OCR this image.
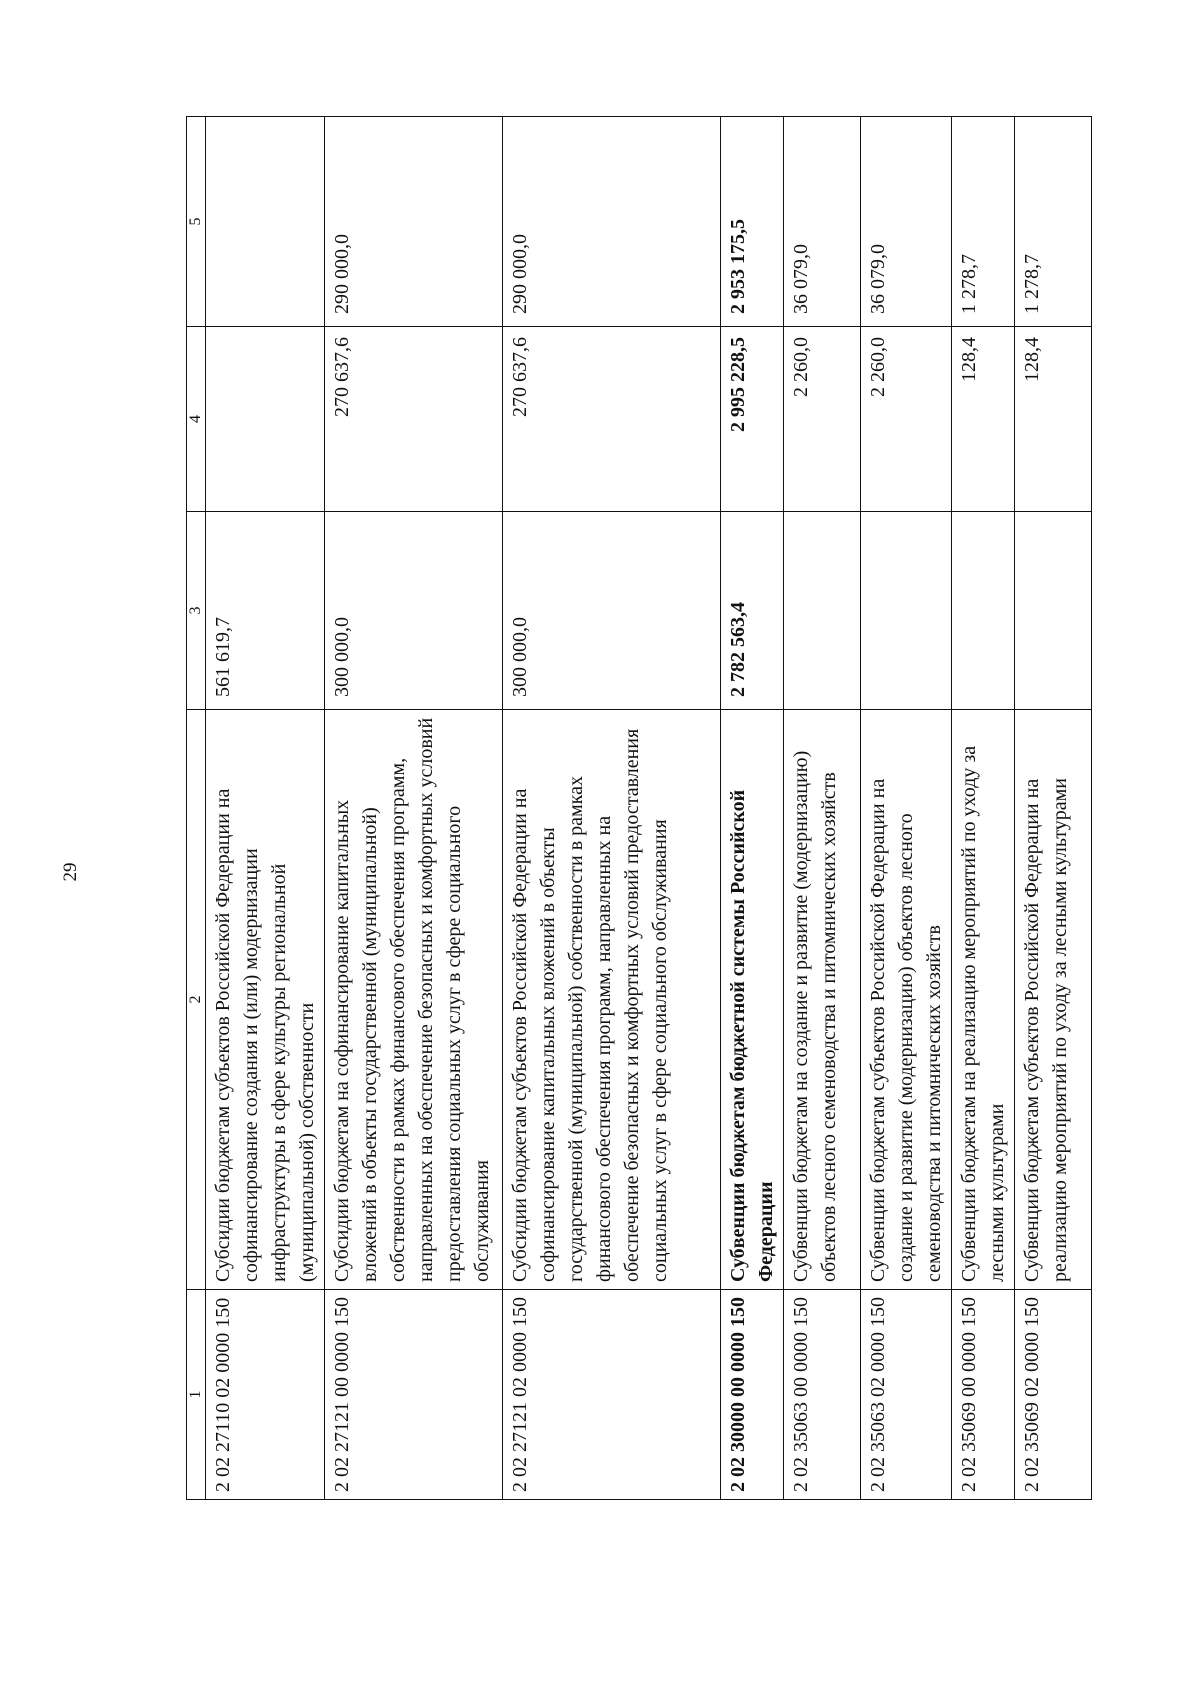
29
1	2	3	4	5
2 02 27110 02 0000 150	Субсидии бюджетам субъектов Российской Федерации на софинансирование создания и (или) модернизации инфраструктуры в сфере культуры региональной (муниципальной) собственности	561 619,7		
2 02 27121 00 0000 150	Субсидии бюджетам на софинансирование капитальных вложений в объекты государственной (муниципальной) собственности в рамках финансового обеспечения программ, направленных на обеспечение безопасных и комфортных условий предоставления социальных услуг в сфере социального обслуживания	300 000,0	270 637,6	290 000,0
2 02 27121 02 0000 150	Субсидии бюджетам субъектов Российской Федерации на софинансирование капитальных вложений в объекты государственной (муниципальной) собственности в рамках финансового обеспечения программ, направленных на обеспечение безопасных и комфортных условий предоставления социальных услуг в сфере социального обслуживания	300 000,0	270 637,6	290 000,0
2 02 30000 00 0000 150	Субвенции бюджетам бюджетной системы Российской Федерации	2 782 563,4	2 995 228,5	2 953 175,5
2 02 35063 00 0000 150	Субвенции бюджетам на создание и развитие (модернизацию) объектов лесного семеноводства и питомнических хозяйств		2 260,0	36 079,0
2 02 35063 02 0000 150	Субвенции бюджетам субъектов Российской Федерации на создание и развитие (модернизацию) объектов лесного семеноводства и питомнических хозяйств		2 260,0	36 079,0
2 02 35069 00 0000 150	Субвенции бюджетам на реализацию мероприятий по уходу за лесными культурами		128,4	1 278,7
2 02 35069 02 0000 150	Субвенции бюджетам субъектов Российской Федерации на реализацию мероприятий по уходу за лесными культурами		128,4	1 278,7
